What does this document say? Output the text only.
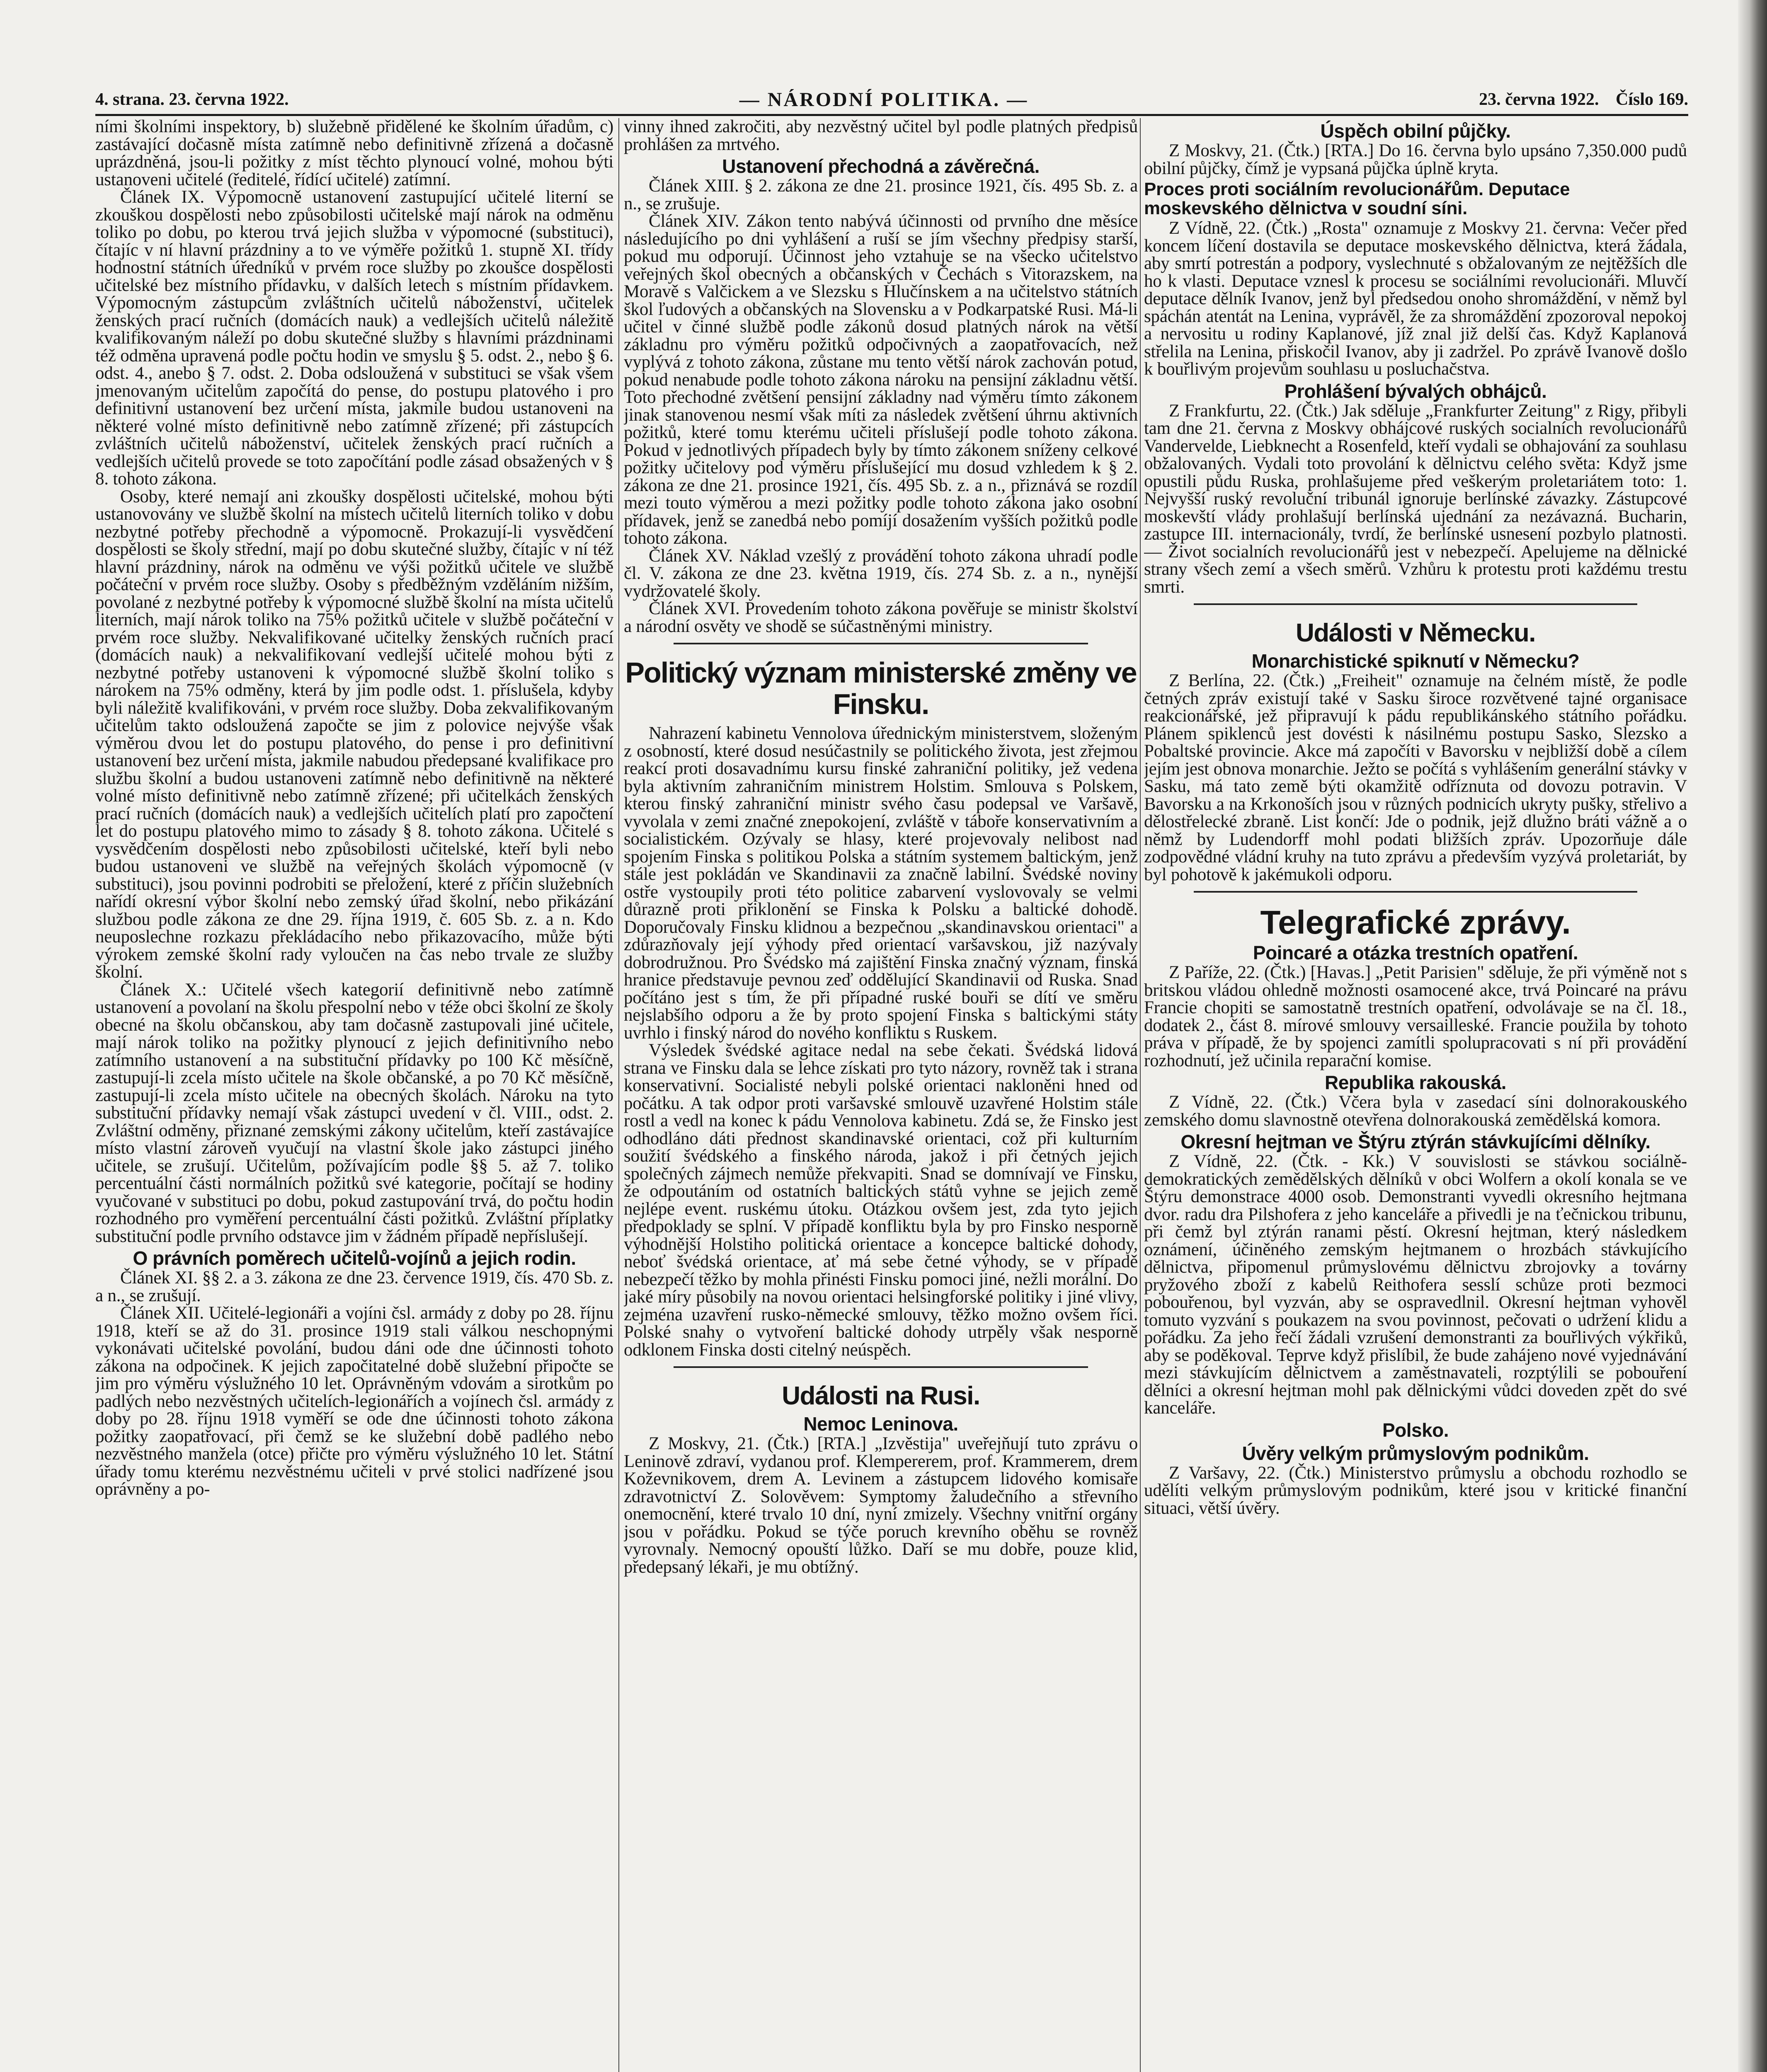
4. strana. 23. června 1922.	— NÁRODNÍ POLITIKA. —	23. června 1922. Číslo 169.

ními školními inspektory, b) služebně přidělené ke školním úřadům, c) zastávající dočasně místa zatímně nebo definitivně zřízená a dočasně uprázdněná, jsou-li požitky z míst těchto plynoucí volné, mohou býti ustanoveni učitelé (ředitelé, řídící učitelé) zatímní.

Článek IX. Výpomocně ustanovení zastupující učitelé literní se zkouškou dospělosti nebo způsobilosti učitelské mají nárok na odměnu toliko po dobu, po kterou trvá jejich služba v výpomocné (substituci), čítajíc v ní hlavní prázdniny a to ve výměře požitků 1. stupně XI. třídy hodnostní státních úředníků v prvém roce služby po zkoušce dospělosti učitelské bez místního přídavku, v dalších letech s místním přídavkem. Výpomocným zástupcům zvláštních učitelů náboženství, učitelek ženských prací ručních (domácích nauk) a vedlejších učitelů náležitě kvalifikovaným náleží po dobu skutečné služby s hlavními prázdninami též odměna upravená podle počtu hodin ve smyslu § 5. odst. 2., nebo § 6. odst. 4., anebo § 7. odst. 2. Doba odsloužená v substituci se však všem jmenovaným učitelům započítá do pense, do postupu platového i pro definitivní ustanovení bez určení místa, jakmile budou ustanoveni na některé volné místo definitivně nebo zatímně zřízené; při zástupcích zvláštních učitelů náboženství, učitelek ženských prací ručních a vedlejších učitelů provede se toto započítání podle zásad obsažených v § 8. tohoto zákona.

Osoby, které nemají ani zkoušky dospělosti učitelské, mohou býti ustanovovány ve službě školní na místech učitelů literních toliko v dobu nezbytné potřeby přechodně a výpomocně. Prokazují-li vysvědčení dospělosti se školy střední, mají po dobu skutečné služby, čítajíc v ní též hlavní prázdniny, nárok na odměnu ve výši požitků učitele ve službě počáteční v prvém roce služby. Osoby s předběžným vzděláním nižším, povolané z nezbytné potřeby k výpomocné službě školní na místa učitelů literních, mají nárok toliko na 75% požitků učitele v službě počáteční v prvém roce služby. Nekvalifikované učitelky ženských ručních prací (domácích nauk) a nekvalifikovaní vedlejší učitelé mohou býti z nezbytné potřeby ustanoveni k výpomocné službě školní toliko s nárokem na 75% odměny, která by jim podle odst. 1. příslušela, kdyby byli náležitě kvalifikováni, v prvém roce služby. Doba zekvalifikovaným učitelům takto odsloužená započte se jim z polovice nejvýše však výměrou dvou let do postupu platového, do pense i pro definitivní ustanovení bez určení místa, jakmile nabudou předepsané kvalifikace pro službu školní a budou ustanoveni zatímně nebo definitivně na některé volné místo definitivně nebo zatímně zřízené; při učitelkách ženských prací ručních (domácích nauk) a vedlejších učitelích platí pro započtení let do postupu platového mimo to zásady § 8. tohoto zákona. Učitelé s vysvědčením dospělosti nebo způsobilosti učitelské, kteří byli nebo budou ustanoveni ve službě na veřejných školách výpomocně (v substituci), jsou povinni podrobiti se přeložení, které z příčin služebních nařídí okresní výbor školní nebo zemský úřad školní, nebo přikázání službou podle zákona ze dne 29. října 1919, č. 605 Sb. z. a n. Kdo neuposlechne rozkazu překládacího nebo přikazovacího, může býti výrokem zemské školní rady vyloučen na čas nebo trvale ze služby školní.

Článek X.: Učitelé všech kategorií definitivně nebo zatímně ustanovení a povolaní na školu přespolní nebo v téže obci školní ze školy obecné na školu občanskou, aby tam dočasně zastupovali jiné učitele, mají nárok toliko na požitky plynoucí z jejich definitivního nebo zatímního ustanovení a na substituční přídavky po 100 Kč měsíčně, zastupují-li zcela místo učitele na škole občanské, a po 70 Kč měsíčně, zastupují-li zcela místo učitele na obecných školách. Nároku na tyto substituční přídavky nemají však zástupci uvedení v čl. VIII., odst. 2. Zvláštní odměny, přiznané zemskými zákony učitelům, kteří zastávajíce místo vlastní zároveň vyučují na vlastní škole jako zástupci jiného učitele, se zrušují. Učitelům, požívajícím podle §§ 5. až 7. toliko percentuální části normálních požitků své kategorie, počítají se hodiny vyučované v substituci po dobu, pokud zastupování trvá, do počtu hodin rozhodného pro vyměření percentuální části požitků. Zvláštní příplatky substituční podle prvního odstavce jim v žádném případě nepříslušejí.

O právních poměrech učitelů-vojínů a jejich rodin.

Článek XI. §§ 2. a 3. zákona ze dne 23. července 1919, čís. 470 Sb. z. a n., se zrušují.

Článek XII. Učitelé-legionáři a vojíni čsl. armády z doby po 28. říjnu 1918, kteří se až do 31. prosince 1919 stali válkou neschopnými vykonávati učitelské povolání, budou dáni ode dne účinnosti tohoto zákona na odpočinek. K jejich započitatelné době služební připočte se jim pro výměru výslužného 10 let. Oprávněným vdovám a sirotkům po padlých nebo nezvěstných učitelích-legionářích a vojínech čsl. armády z doby po 28. říjnu 1918 vyměří se ode dne účinnosti tohoto zákona požitky zaopatřovací, při čemž se ke služební době padlého nebo nezvěstného manžela (otce) přičte pro výměru výslužného 10 let. Státní úřady tomu kterému nezvěstnému učiteli v prvé stolici nadřízené jsou oprávněny a po-

vinny ihned zakročiti, aby nezvěstný učitel byl podle platných předpisů prohlášen za mrtvého.

Ustanovení přechodná a závěrečná.

Článek XIII. § 2. zákona ze dne 21. prosince 1921, čís. 495 Sb. z. a n., se zrušuje.

Článek XIV. Zákon tento nabývá účinnosti od prvního dne měsíce následujícího po dni vyhlášení a ruší se jím všechny předpisy starší, pokud mu odporují. Účinnost jeho vztahuje se na všecko učitelstvo veřejných škol obecných a občanských v Čechách s Vitorazskem, na Moravě s Valčickem a ve Slezsku s Hlučínskem a na učitelstvo státních škol ľudových a občanských na Slovensku a v Podkarpatské Rusi. Má-li učitel v činné službě podle zákonů dosud platných nárok na větší základnu pro výměru požitků odpočivných a zaopatřovacích, než vyplývá z tohoto zákona, zůstane mu tento větší nárok zachován potud, pokud nenabude podle tohoto zákona nároku na pensijní základnu větší. Toto přechodné zvětšení pensijní základny nad výměru tímto zákonem jinak stanovenou nesmí však míti za následek zvětšení úhrnu aktivních požitků, které tomu kterému učiteli příslušejí podle tohoto zákona. Pokud v jednotlivých případech byly by tímto zákonem sníženy celkové požitky učitelovy pod výměru příslušející mu dosud vzhledem k § 2. zákona ze dne 21. prosince 1921, čís. 495 Sb. z. a n., přiznává se rozdíl mezi touto výměrou a mezi požitky podle tohoto zákona jako osobní přídavek, jenž se zanedbá nebo pomíjí dosažením vyšších požitků podle tohoto zákona.

Článek XV. Náklad vzešlý z provádění tohoto zákona uhradí podle čl. V. zákona ze dne 23. května 1919, čís. 274 Sb. z. a n., nynější vydržovatelé školy.

Článek XVI. Provedením tohoto zákona pověřuje se ministr školství a národní osvěty ve shodě se súčastněnými ministry.

Politický význam ministerské změny ve Finsku.

Nahrazení kabinetu Vennolova úřednickým ministerstvem, složeným z osobností, které dosud nesúčastnily se politického života, jest zřejmou reakcí proti dosavadnímu kursu finské zahraniční politiky, jež vedena byla aktivním zahraničním ministrem Holstim. Smlouva s Polskem, kterou finský zahraniční ministr svého času podepsal ve Varšavě, vyvolala v zemi značné znepokojení, zvláště v táboře konservativním a socialistickém. Ozývaly se hlasy, které projevovaly nelibost nad spojením Finska s politikou Polska a státním systemem baltickým, jenž stále jest pokládán ve Skandinavii za značně labilní. Švédské noviny ostře vystoupily proti této politice zabarvení vyslovovaly se velmi důrazně proti přiklonění se Finska k Polsku a baltické dohodě. Doporučovaly Finsku klidnou a bezpečnou „skandinavskou orientaci" a zdůrazňovaly její výhody před orientací varšavskou, již nazývaly dobrodružnou. Pro Švédsko má zajištění Finska značný význam, finská hranice představuje pevnou zeď oddělující Skandinavii od Ruska. Snad počítáno jest s tím, že při případné ruské bouři se dítí ve směru nejslabšího odporu a že by proto spojení Finska s baltickými státy uvrhlo i finský národ do nového konfliktu s Ruskem.

Výsledek švédské agitace nedal na sebe čekati. Švédská lidová strana ve Finsku dala se lehce získati pro tyto názory, rovněž tak i strana konservativní. Socialisté nebyli polské orientaci nakloněni hned od počátku. A tak odpor proti varšavské smlouvě uzavřené Holstim stále rostl a vedl na konec k pádu Vennolova kabinetu. Zdá se, že Finsko jest odhodláno dáti přednost skandinavské orientaci, což při kulturním soužití švédského a finského národa, jakož i při četných jejich společných zájmech nemůže překvapiti. Snad se domnívají ve Finsku, že odpoutáním od ostatních baltických států vyhne se jejich země nejlépe event. ruskému útoku. Otázkou ovšem jest, zda tyto jejich předpoklady se splní. V případě konfliktu byla by pro Finsko nesporně výhodnější Holstiho politická orientace a koncepce baltické dohody, neboť švédská orientace, ať má sebe četné výhody, se v případě nebezpečí těžko by mohla přinésti Finsku pomoci jiné, nežli morální. Do jaké míry působily na novou orientaci helsingforské politiky i jiné vlivy, zejména uzavření rusko-německé smlouvy, těžko možno ovšem říci. Polské snahy o vytvoření baltické dohody utrpěly však nesporně odklonem Finska dosti citelný neúspěch.

Události na Rusi.
Nemoc Leninova.

Z Moskvy, 21. (Čtk.) [RTA.] „Izvěstija" uveřejňují tuto zprávu o Leninově zdraví, vydanou prof. Klempererem, prof. Krammerem, drem Koževnikovem, drem A. Levinem a zástupcem lidového komisaře zdravotnictví Z. Solověvem: Symptomy žaludečního a střevního onemocnění, které trvalo 10 dní, nyní zmizely. Všechny vnitřní orgány jsou v pořádku. Pokud se týče poruch krevního oběhu se rovněž vyrovnaly. Nemocný opouští lůžko. Daří se mu dobře, pouze klid, předepsaný lékaři, je mu obtížný.

Úspěch obilní půjčky.

Z Moskvy, 21. (Čtk.) [RTA.] Do 16. června bylo upsáno 7,350.000 pudů obilní půjčky, čímž je vypsaná půjčka úplně kryta.

Proces proti sociálním revolucionářům. Deputace moskevského dělnictva v soudní síni.

Z Vídně, 22. (Čtk.) „Rosta" oznamuje z Moskvy 21. června: Večer před koncem líčení dostavila se deputace moskevského dělnictva, která žádala, aby smrtí potrestán a podpory, vyslechnuté s obžalovaným ze nejtěžších dle ho k vlasti. Deputace vznesl k procesu se sociálními revolucionáři. Mluvčí deputace dělník Ivanov, jenž byl předsedou onoho shromáždění, v němž byl spáchán atentát na Lenina, vyprávěl, že za shromáždění zpozoroval nepokoj a nervositu u rodiny Kaplanové, jíž znal již delší čas. Když Kaplanová střelila na Lenina, přiskočil Ivanov, aby ji zadržel. Po zprávě Ivanově došlo k bouřlivým projevům souhlasu u posluchačstva.

Prohlášení bývalých obhájců.

Z Frankfurtu, 22. (Čtk.) Jak sděluje „Frankfurter Zeitung" z Rigy, přibyli tam dne 21. června z Moskvy obhájcové ruských socialních revolucionářů Vandervelde, Liebknecht a Rosenfeld, kteří vydali se obhajování za souhlasu obžalovaných. Vydali toto provolání k dělnictvu celého světa: Když jsme opustili půdu Ruska, prohlašujeme před veškerým proletariátem toto: 1. Nejvyšší ruský revoluční tribunál ignoruje berlínské závazky. Zástupcové moskevští vlády prohlašují berlínská ujednání za nezávazná. Bucharin, zastupce III. internacionály, tvrdí, že berlínské usnesení pozbylo platnosti. — Život socialních revolucionářů jest v nebezpečí. Apelujeme na dělnické strany všech zemí a všech směrů. Vzhůru k protestu proti každému trestu smrti.

Události v Německu.
Monarchistické spiknutí v Německu?

Z Berlína, 22. (Čtk.) „Freiheit" oznamuje na čelném místě, že podle četných zpráv existují také v Sasku široce rozvětvené tajné organisace reakcionářské, jež připravují k pádu republikánského státního pořádku. Plánem spiklenců jest dovésti k násilnému postupu Sasko, Slezsko a Pobaltské provincie. Akce má započíti v Bavorsku v nejbližší době a cílem jejím jest obnova monarchie. Ježto se počítá s vyhlášením generální stávky v Sasku, má tato země býti okamžitě odříznuta od dovozu potravin. V Bavorsku a na Krkonoších jsou v různých podnicích ukryty pušky, střelivo a dělostřelecké zbraně. List končí: Jde o podnik, jejž dlužno bráti vážně a o němž by Ludendorff mohl podati bližších zpráv. Upozorňuje dále zodpovědné vládní kruhy na tuto zprávu a především vyzývá proletariát, by byl pohotově k jakémukoli odporu.

Telegrafické zprávy.
Poincaré a otázka trestních opatření.

Z Paříže, 22. (Čtk.) [Havas.] „Petit Parisien" sděluje, že při výměně not s britskou vládou ohledně možnosti osamocené akce, trvá Poincaré na právu Francie chopiti se samostatně trestních opatření, odvolávaje se na čl. 18., dodatek 2., část 8. mírové smlouvy versailleské. Francie použila by tohoto práva v případě, že by spojenci zamítli spolupracovati s ní při provádění rozhodnutí, jež učinila reparační komise.

Republika rakouská.

Z Vídně, 22. (Čtk.) Včera byla v zasedací síni dolnorakouského zemského domu slavnostně otevřena dolnorakouská zemědělská komora.

Okresní hejtman ve Štýru ztýrán stávkujícími dělníky.

Z Vídně, 22. (Čtk. - Kk.) V souvislosti se stávkou sociálně-demokratických zemědělských dělníků v obci Wolfern a okolí konala se ve Štýru demonstrace 4000 osob. Demonstranti vyvedli okresního hejtmana dvor. radu dra Pilshofera z jeho kanceláře a přivedli je na ťečnickou tribunu, při čemž byl ztýrán ranami pěstí. Okresní hejtman, který následkem oznámení, účiněného zemským hejtmanem o hrozbách stávkujícího dělnictva, připomenul průmyslovému dělnictvu zbrojovky a továrny pryžového zboží z kabelů Reithofera sesslí schůze proti bezmoci pobouřenou, byl vyzván, aby se ospravedlnil. Okresní hejtman vyhověl tomuto vyzvání s poukazem na svou povinnost, pečovati o udržení klidu a pořádku. Za jeho řečí žádali vzrušení demonstranti za bouřlivých výkřiků, aby se poděkoval. Teprve když přislíbil, že bude zahájeno nové vyjednávání mezi stávkujícím dělnictvem a zaměstnavateli, rozptýlili se pobouření dělníci a okresní hejtman mohl pak dělnickými vůdci doveden zpět do své kanceláře.

Polsko.
Úvěry velkým průmyslovým podnikům.

Z Varšavy, 22. (Čtk.) Ministerstvo průmyslu a obchodu rozhodlo se udělíti velkým průmyslovým podnikům, které jsou v kritické finanční situaci, větší úvěry.
